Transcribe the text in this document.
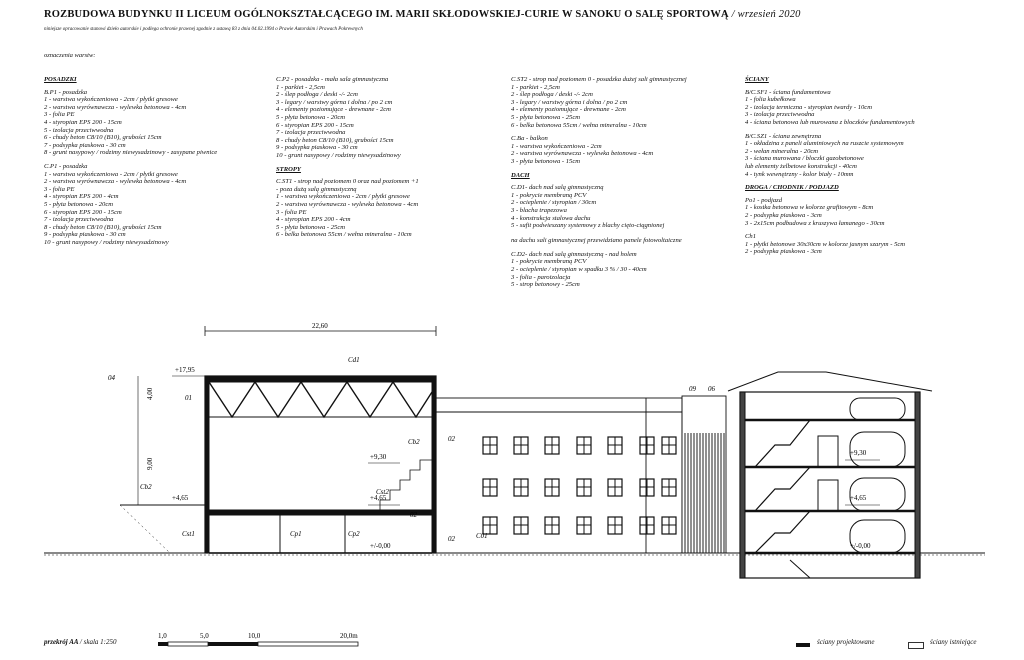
ROZBUDOWA BUDYNKU II LICEUM OGÓLNOKSZTAŁCĄCEGO IM. MARII SKŁODOWSKIEJ-CURIE W SANOKU O SALĘ SPORTOWĄ / wrzesień 2020
niniejsze opracowanie stanowi dzieło autorskie i podlega ochronie prawnej zgodnie z ustawą 83 z dnia 04.02.1994 o Prawie Autorskim i Prawach Pokrewnych
oznaczenia warstw:
POSADZKI
B.P1 - posadzka
1 - warstwa wykończeniowa - 2cm / płytki gresowe
2 - warstwa wyrównawcza - wylewka betonowa - 4cm
3 - folia PE
4 - styropian EPS 200 - 15cm
5 - izolacja przeciwwodna
6 - chudy beton C8/10 (B10), grubości 15cm
7 - podsypka piaskowa - 30 cm
8 - grunt nasypowy / rodzimy niewysadzinowy - zasypane piwnice
C.P1 - posadzka
1 - warstwa wykończeniowa - 2cm / płytki gresowe
2 - warstwa wyrównawcza - wylewka betonowa - 4cm
3 - folia PE
4 - styropian EPS 200 - 4cm
5 - płyta betonowa - 20cm
6 - styropian EPS 200 - 15cm
7 - izolacja przeciwwodna
8 - chudy beton C8/10 (B10), grubości 15cm
9 - podsypka piaskowa - 30 cm
10 - grunt nasypowy / rodzimy niewysadzinowy
C.P2 - posadzka - mała sala gimnastyczna
1 - parkiet - 2,5cm
2 - ślep podłoga / deski -/- 2cm
3 - legary / warstwy górna i dolna / po 2 cm
4 - elementy poziomujące - drewnane - 2cm
5 - płyta betonowa - 20cm
6 - styropian EPS 200 - 15cm
7 - izolacja przeciwwodna
8 - chudy beton C8/10 (B10), grubości 15cm
9 - podsypka piaskowa - 30 cm
10 - grunt nasypowy / rodzimy niewysadzinowy
STROPY
C.ST1 - strop nad poziomem 0 oraz nad poziomem +1
- poza dużą salą gimnastyczną
1 - warstwa wykończeniowa - 2cm / płytki gresowe
2 - warstwa wyrównawcza - wylewka betonowa - 4cm
3 - folia PE
4 - styropian EPS 200 - 4cm
5 - płyta betonowa - 25cm
6 - belka betonowa 55cm / wełna mineralna - 10cm
C.ST2 - strop nad poziomem 0 - posadzka dużej sali gimnastycznej
1 - parkiet - 2,5cm
2 - ślep podłoga / deski -/- 2cm
3 - legary / warstwy górna i dolna / po 2 cm
4 - elementy poziomujące - drewnane - 2cm
5 - płyta betonowa - 25cm
6 - belka betonowa 55cm / wełna mineralna - 10cm
C.Ba - balkon
1 - warstwa wykończeniowa - 2cm
2 - warstwa wyrównawcza - wylewka betonowa - 4cm
3 - płyta betonowa - 15cm
DACH
C.D1- dach nad salą gimnastyczną
1 - pokrycie membraną PCV
2 - ocieplenie / styropian / 30cm
3 - blacha trapezowa
4 - konstrukcja stalowa dachu
5 - sufit podwieszany systemowy z blachy cięto-ciągnionej

na dachu sali gimnastycznej przewidziano panele fotowoltaiczne
C.D2- dach nad salą gimnastyczną - nad holem
1 - pokrycie membraną PCV
2 - ocieplenie / styropian w spadku 3 % / 30 - 40cm
3 - folia - paroizolacja
5 - strop betonowy - 25cm
ŚCIANY
B/C.SF1 - ściana fundamentowa
1 - folia kubełkowa
2 - izolacja termiczna - styropian twardy - 10cm
3 - izolacja przeciwwodna
4 - ściana betonowa lub murowana z bloczków fundamentowych
B/C.SZ1 - ściana zewnętrzna
1 - okładzina z paneli aluminiowych na ruszcie systemowym
2 - wełan mineralna - 20cm
3 - ściana murowana / bloczki gazobetonowe
lub elementy żelbetowe konstrukcji - 40cm
4 - tynk wewnętrzny - kolor biały - 10mm
DROGA / CHODNIK / PODJAZD
Po1 - podjazd
1 - kostka betonowa w kolorze grafitowym - 8cm
2 - podsypka piaskowa - 3cm
3 - 2x15cm podbudowa z kruszywa łamanego - 30cm
Ch1
1 - płytki betonowe 30x30cm w kolorze jasnym szarym - 5cm
2 - podsypka piaskowa - 3cm
22,60
+17,95
+9,30
+4,65	+4,65
+/-0,00
+9,30
+4,65
+/-0,00
4,00
9,00
Cd1
Cb2
Cb2
Cst2
Cst1	Cp1	Cp2	C01
02
02
02
01
04
06
09
przekrój AA / skala 1:250
1,0	5,0	10,0	20,0m
ściany projektowane	ściany istniejące
